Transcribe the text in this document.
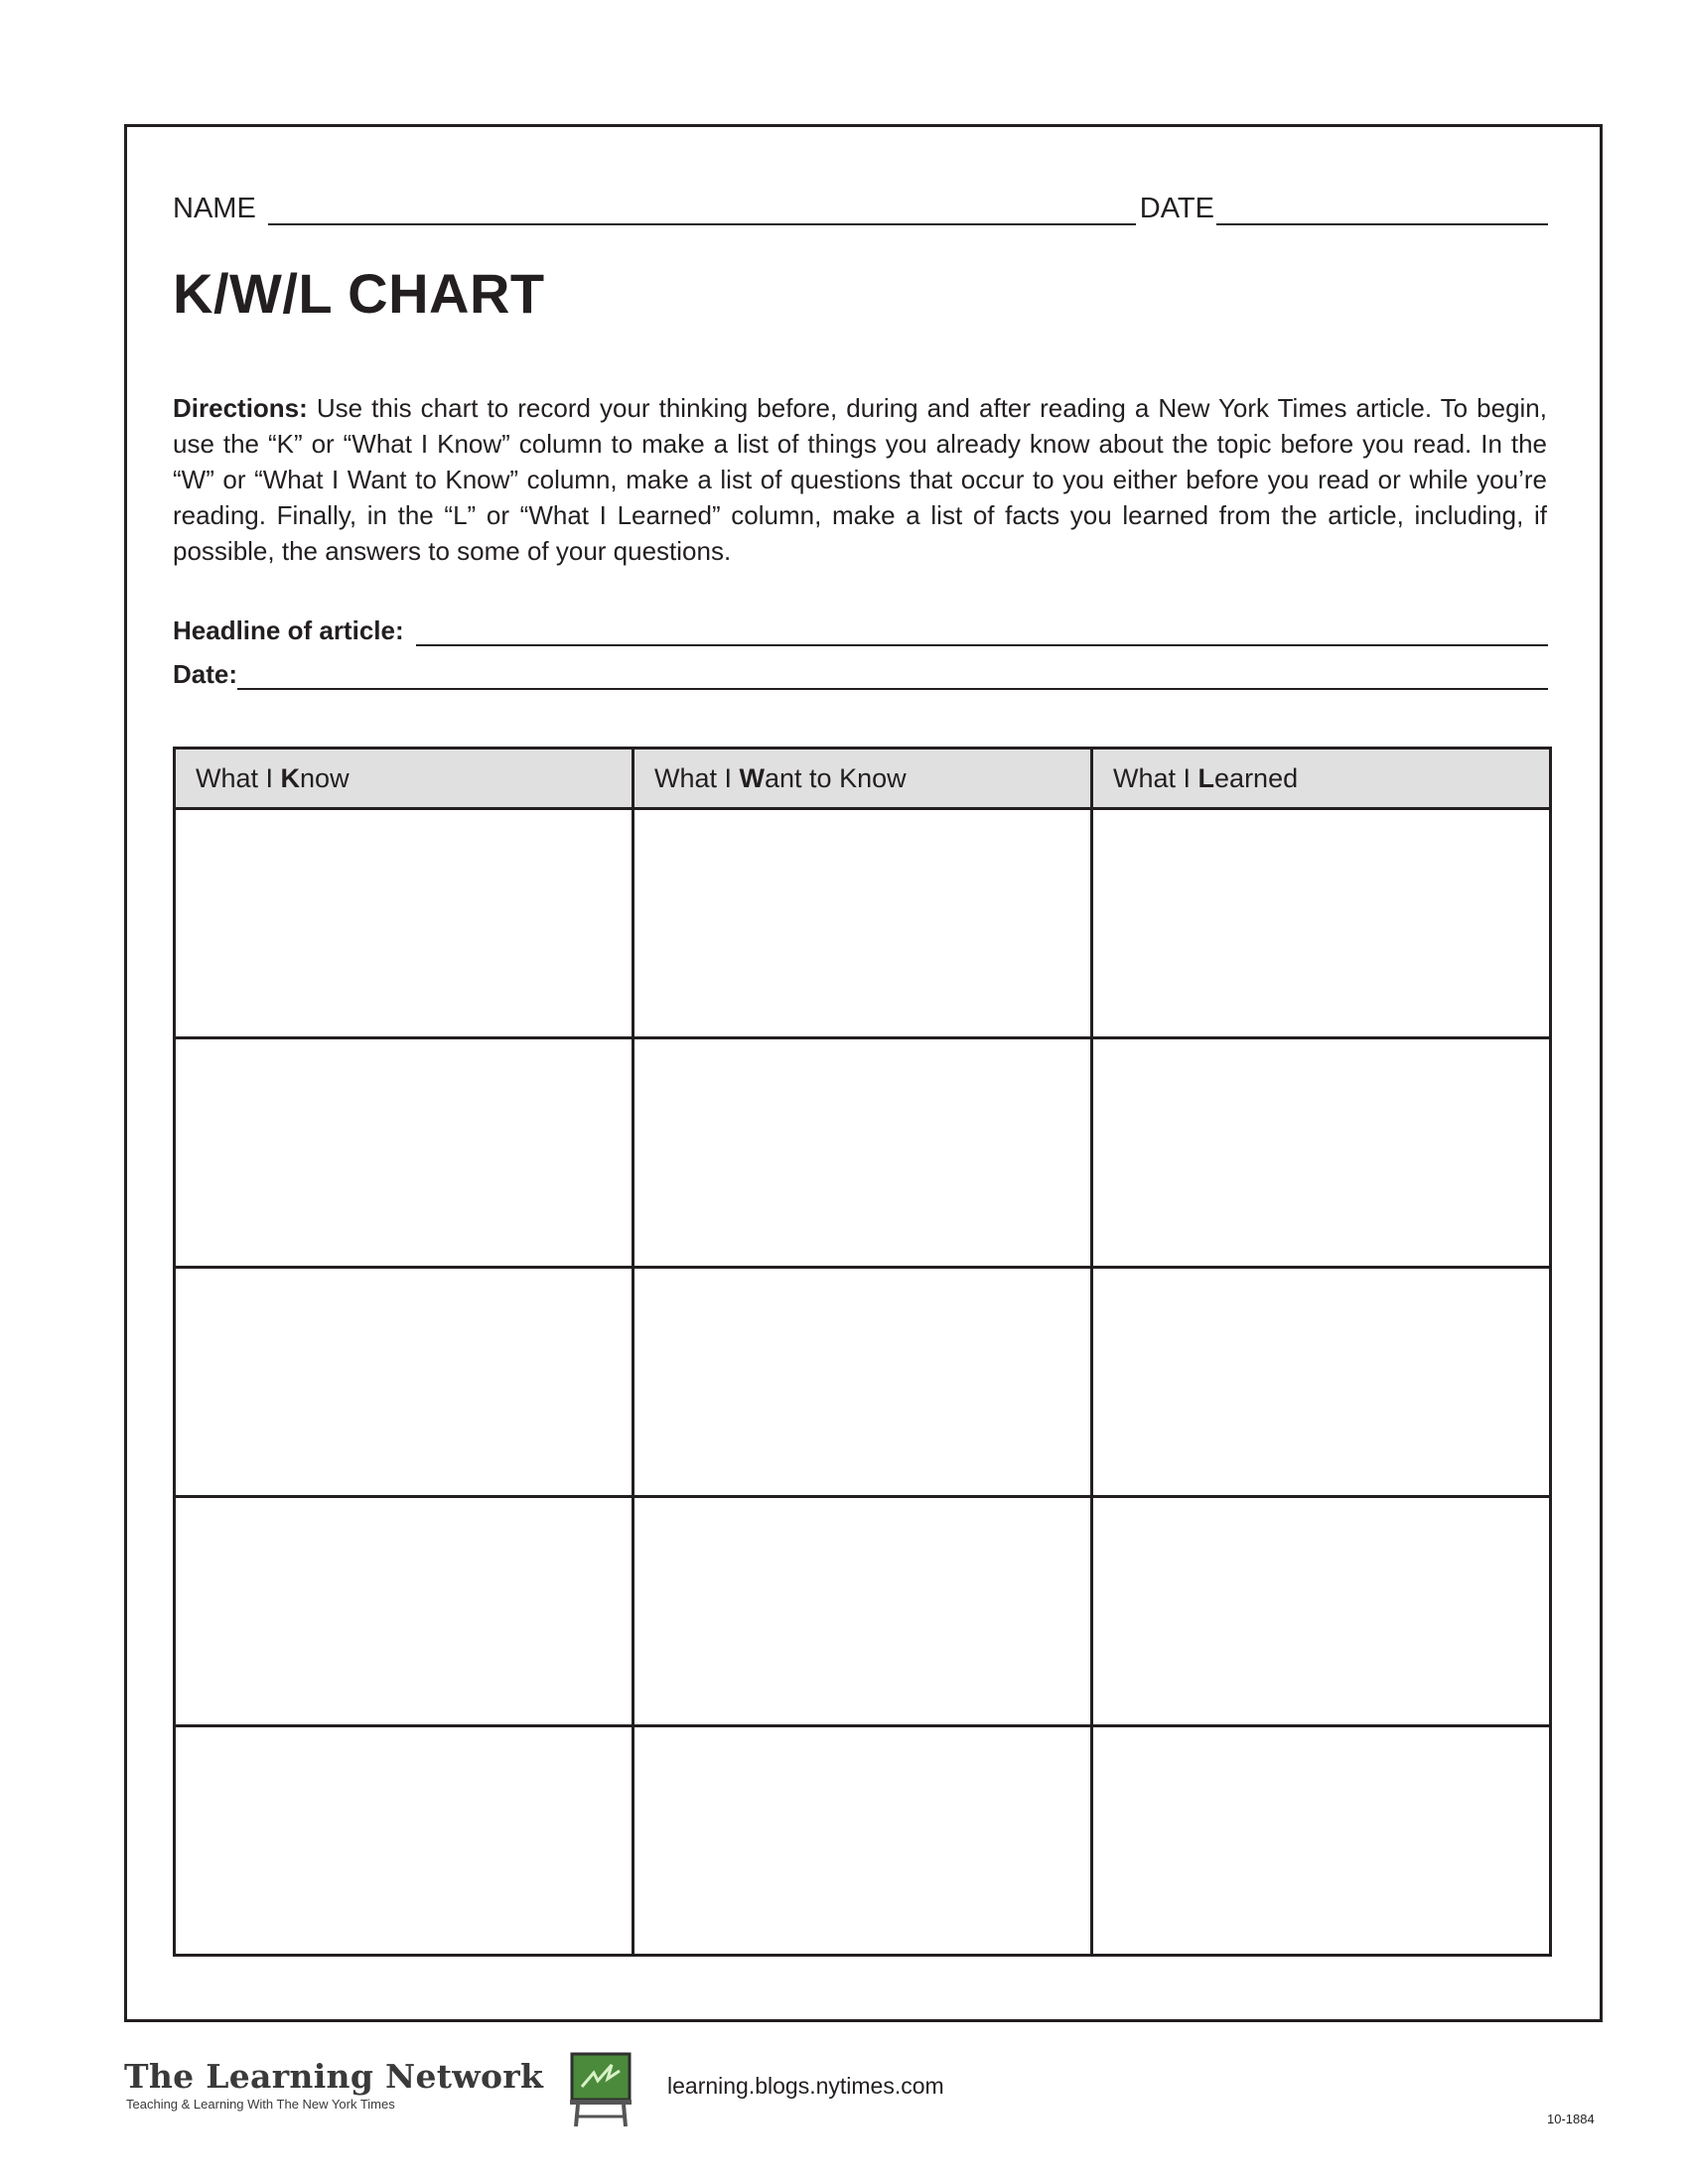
NAME	DATE
K/W/L CHART

Directions: Use this chart to record your thinking before, during and after reading a New York Times article. To begin, use the “K” or “What I Know” column to make a list of things you already know about the topic before you read. In the “W” or “What I Want to Know” column, make a list of questions that occur to you either before you read or while you’re reading. Finally, in the “L” or “What I Learned” column, make a list of facts you learned from the article, including, if possible, the answers to some of your questions.

Headline of article:
Date:
What I Know	What I Want to Know	What I Learned

The Learning Network

Teaching & Learning With The New York Times

learning.blogs.nytimes.com
10-1884
